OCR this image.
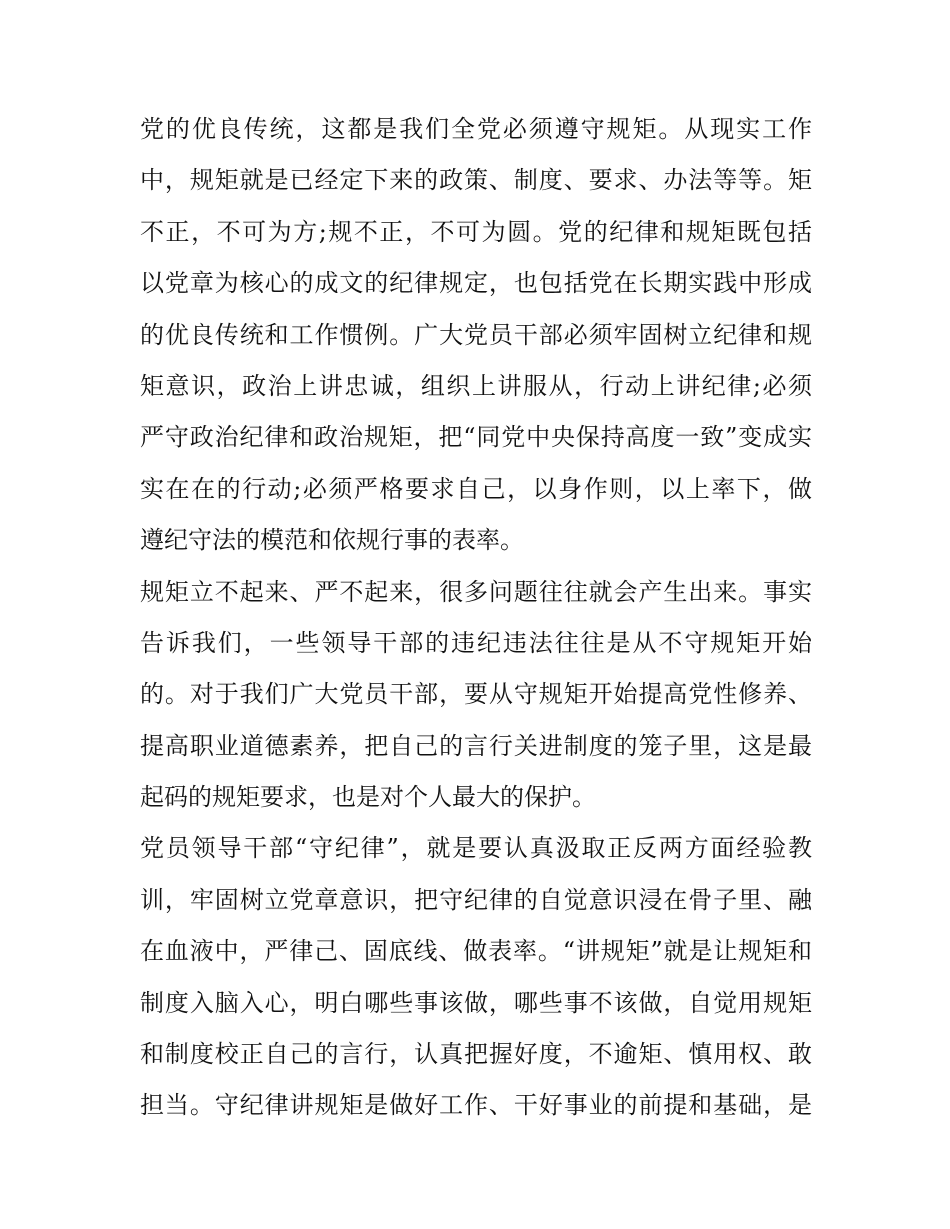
党的优良传统，这都是我们全党必须遵守规矩。从现实工作
中，规矩就是已经定下来的政策、制度、要求、办法等等。矩
不正，不可为方;规不正，不可为圆。党的纪律和规矩既包括
以党章为核心的成文的纪律规定，也包括党在长期实践中形成
的优良传统和工作惯例。广大党员干部必须牢固树立纪律和规
矩意识，政治上讲忠诚，组织上讲服从，行动上讲纪律;必须
严守政治纪律和政治规矩，把“同党中央保持高度一致”变成实
实在在的行动;必须严格要求自己，以身作则，以上率下，做
遵纪守法的模范和依规行事的表率。
规矩立不起来、严不起来，很多问题往往就会产生出来。事实
告诉我们，一些领导干部的违纪违法往往是从不守规矩开始
的。对于我们广大党员干部，要从守规矩开始提高党性修养、
提高职业道德素养，把自己的言行关进制度的笼子里，这是最
起码的规矩要求，也是对个人最大的保护。
党员领导干部“守纪律”，就是要认真汲取正反两方面经验教
训，牢固树立党章意识，把守纪律的自觉意识浸在骨子里、融
在血液中，严律己、固底线、做表率。“讲规矩”就是让规矩和
制度入脑入心，明白哪些事该做，哪些事不该做，自觉用规矩
和制度校正自己的言行，认真把握好度，不逾矩、慎用权、敢
担当。守纪律讲规矩是做好工作、干好事业的前提和基础，是
